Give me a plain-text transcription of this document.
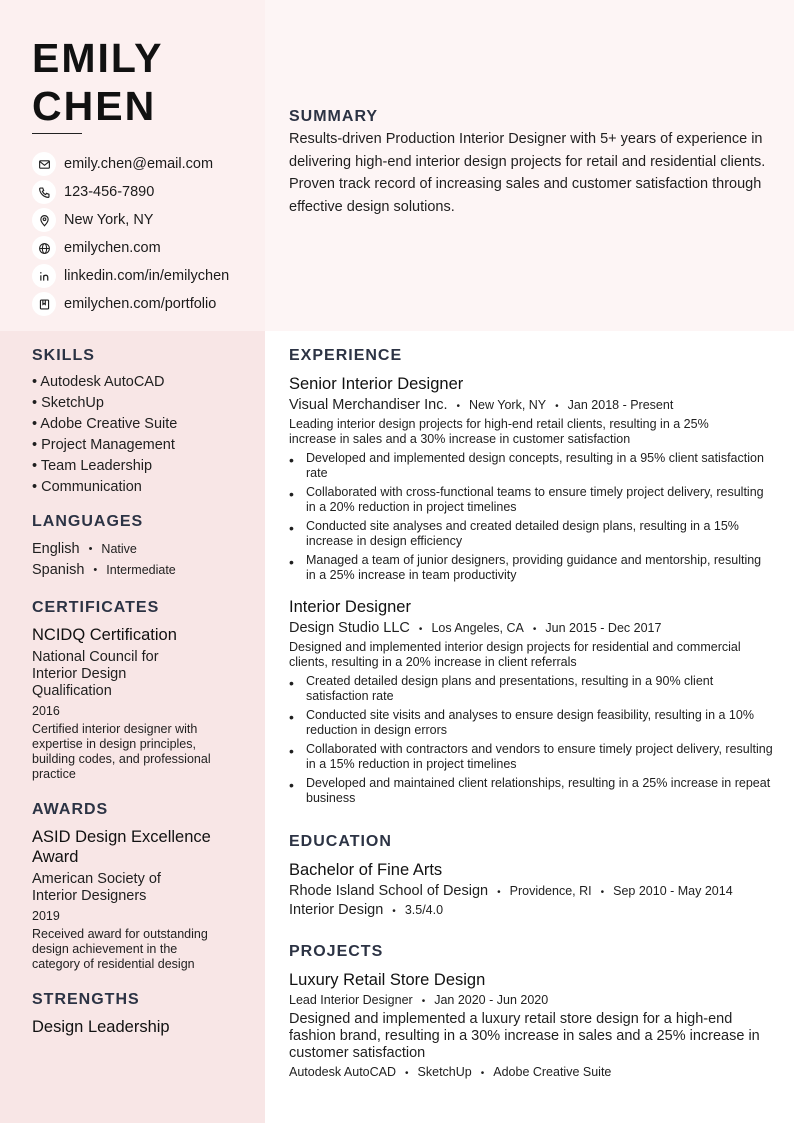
EMILY
CHEN
emily.chen@email.com
123-456-7890
New York, NY
emilychen.com
linkedin.com/in/emilychen
emilychen.com/portfolio
SUMMARY

Results-driven Production Interior Designer with 5+ years of experience in delivering high-end interior design projects for retail and residential clients. Proven track record of increasing sales and customer satisfaction through effective design solutions.

SKILLS
• Autodesk AutoCAD
• SketchUp
• Adobe Creative Suite
• Project Management
• Team Leadership
• Communication
LANGUAGES
English • Native
Spanish • Intermediate
CERTIFICATES
NCIDQ Certification
National Council for Interior Design Qualification
2016
Certified interior designer with expertise in design principles, building codes, and professional practice
AWARDS
ASID Design Excellence Award
American Society of Interior Designers
2019
Received award for outstanding design achievement in the category of residential design
STRENGTHS
Design Leadership
EXPERIENCE
Senior Interior Designer
Visual Merchandiser Inc. • New York, NY • Jan 2018 - Present
Leading interior design projects for high-end retail clients, resulting in a 25% increase in sales and a 30% increase in customer satisfaction
• Developed and implemented design concepts, resulting in a 95% client satisfaction rate
• Collaborated with cross-functional teams to ensure timely project delivery, resulting in a 20% reduction in project timelines
• Conducted site analyses and created detailed design plans, resulting in a 15% increase in design efficiency
• Managed a team of junior designers, providing guidance and mentorship, resulting in a 25% increase in team productivity
Interior Designer
Design Studio LLC • Los Angeles, CA • Jun 2015 - Dec 2017
Designed and implemented interior design projects for residential and commercial clients, resulting in a 20% increase in client referrals
• Created detailed design plans and presentations, resulting in a 90% client satisfaction rate
• Conducted site visits and analyses to ensure design feasibility, resulting in a 10% reduction in design errors
• Collaborated with contractors and vendors to ensure timely project delivery, resulting in a 15% reduction in project timelines
• Developed and maintained client relationships, resulting in a 25% increase in repeat business
EDUCATION
Bachelor of Fine Arts
Rhode Island School of Design • Providence, RI • Sep 2010 - May 2014
Interior Design • 3.5/4.0
PROJECTS
Luxury Retail Store Design
Lead Interior Designer • Jan 2020 - Jun 2020
Designed and implemented a luxury retail store design for a high-end fashion brand, resulting in a 30% increase in sales and a 25% increase in customer satisfaction
Autodesk AutoCAD • SketchUp • Adobe Creative Suite
